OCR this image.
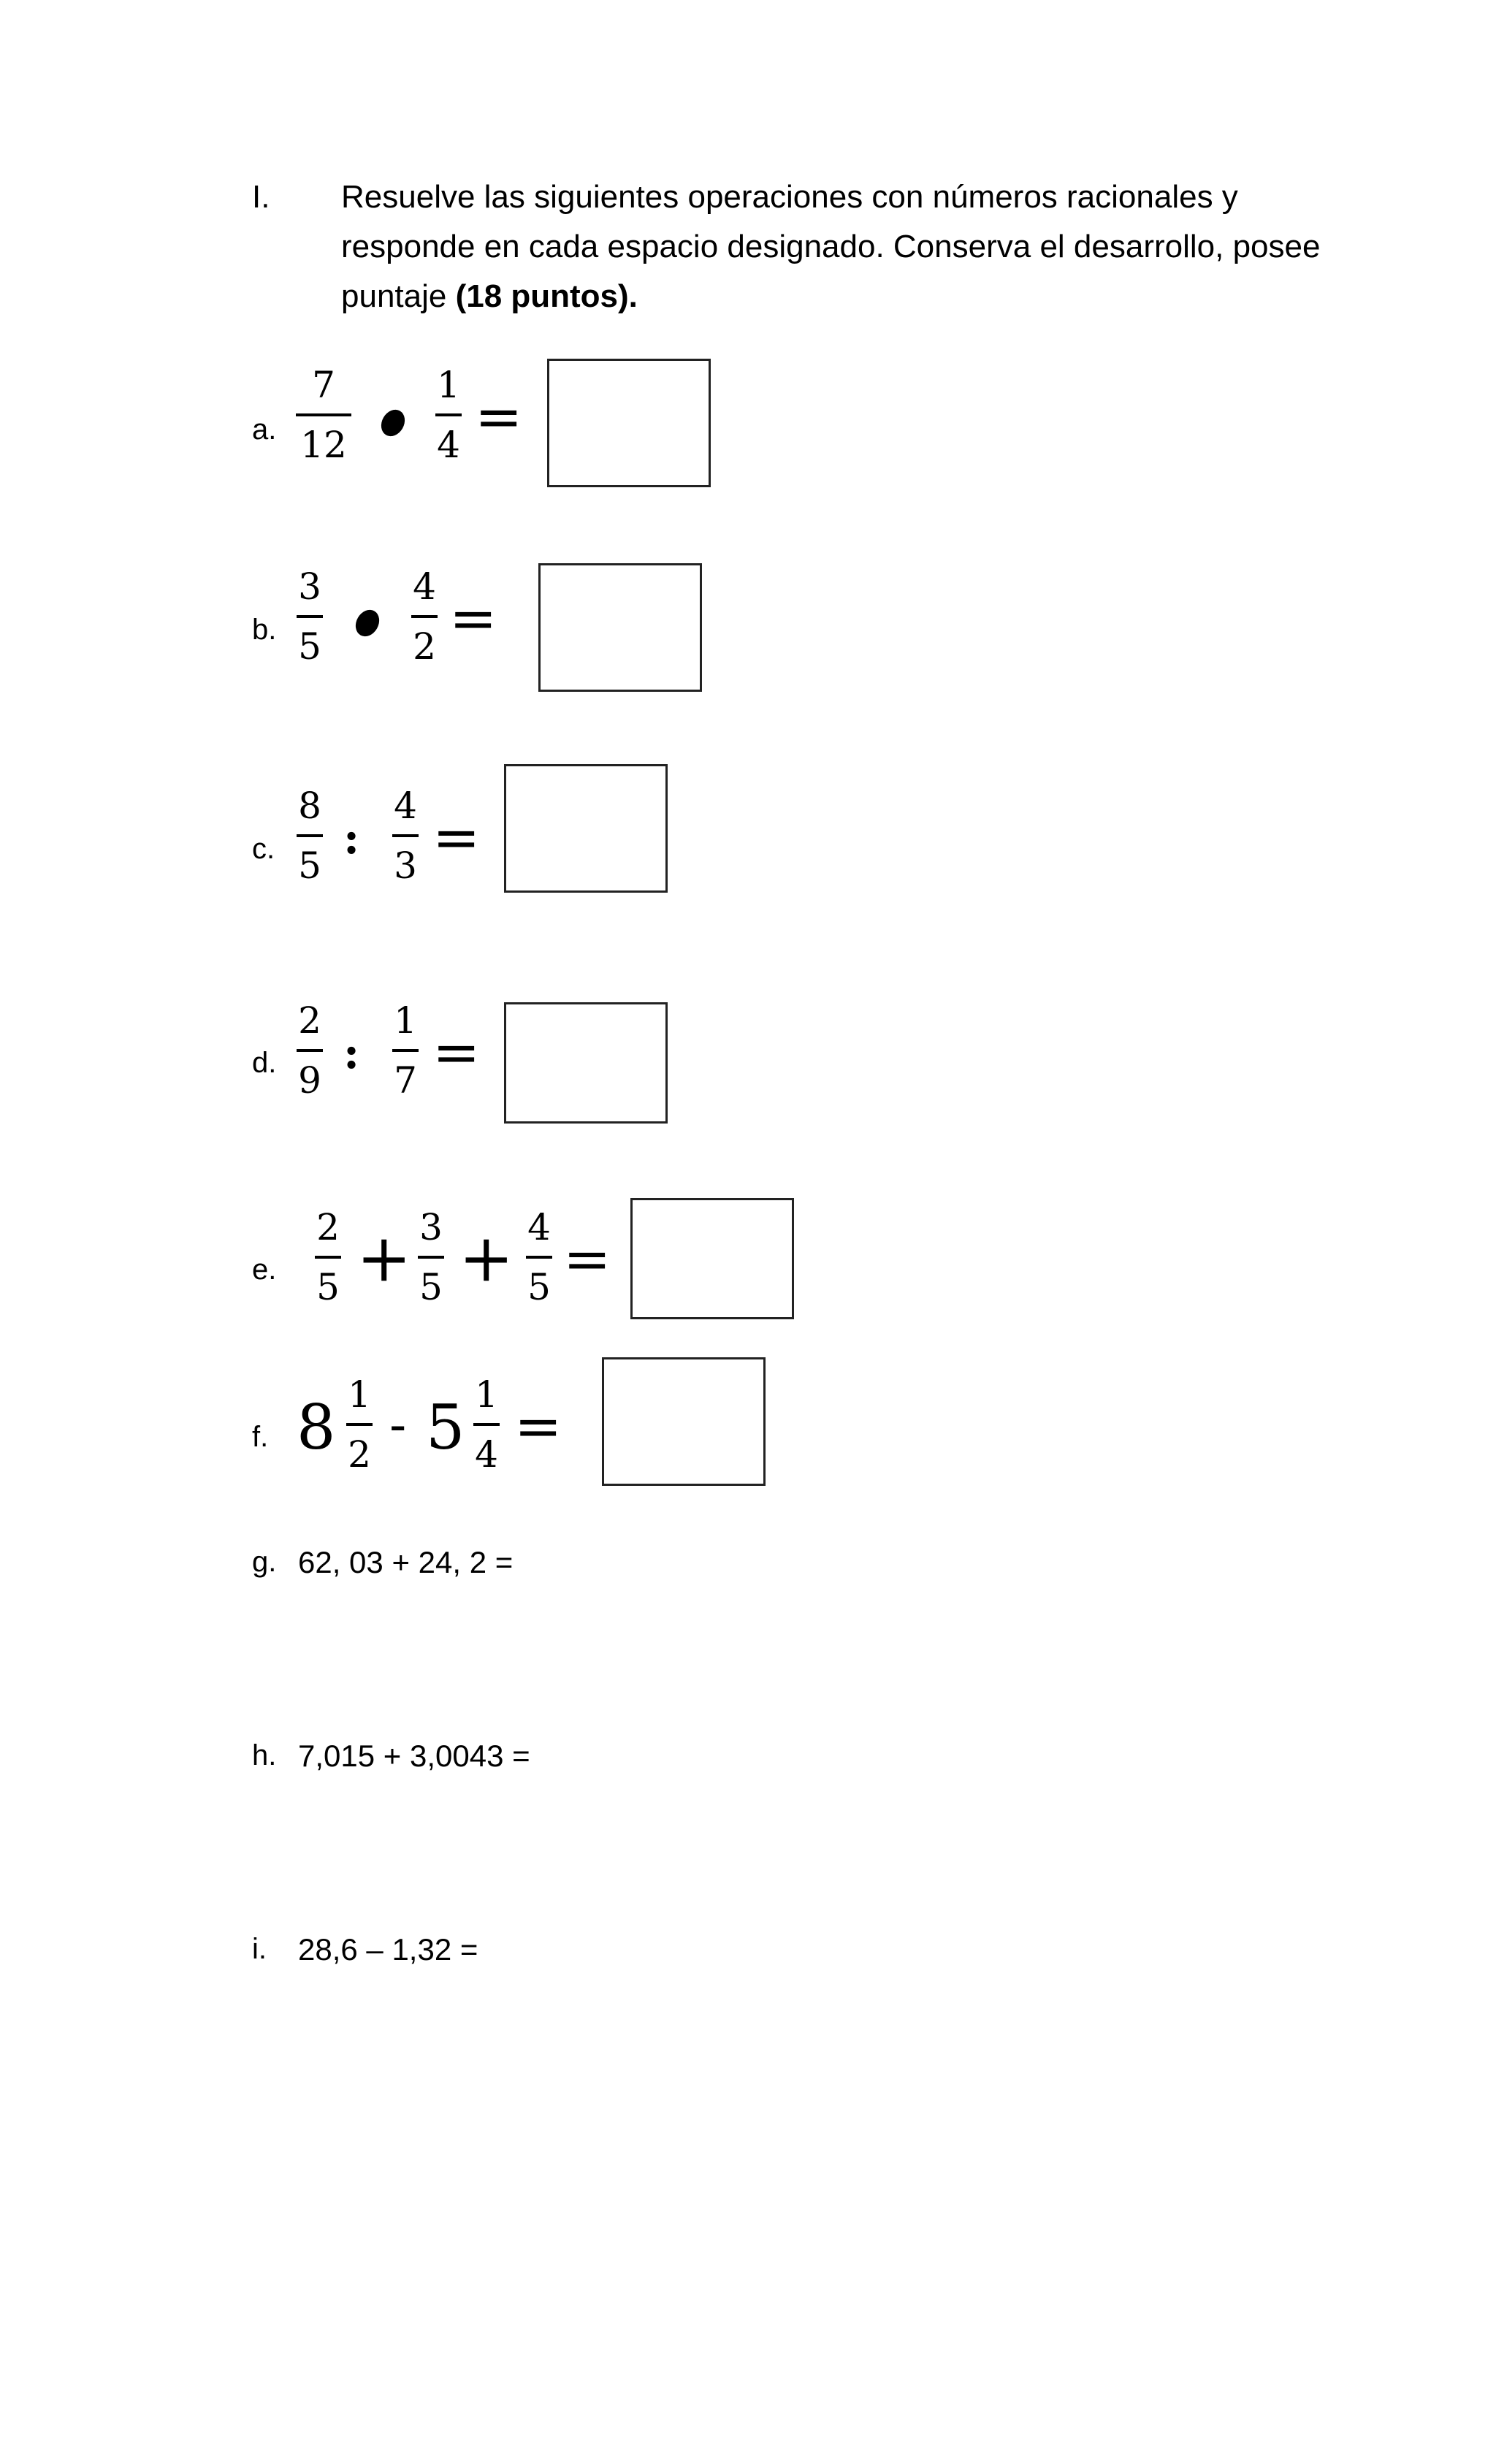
I. Resuelve las siguientes operaciones con números racionales y responde en cada espacio designado. Conserva el desarrollo, posee puntaje (18 puntos).
a.
7
12
1
4 =
b.
3
5
4
2 =
c.
8
5
:
4
3 =
d.
2
9
:
1
7 =
e.
2
5 + 3
5 + 4
5 =
f. 8 1
2
- 5 1
4 =
g. 62, 03 + 24, 2 =
h. 7,015 + 3,0043 =
i. 28,6 – 1,32 =
